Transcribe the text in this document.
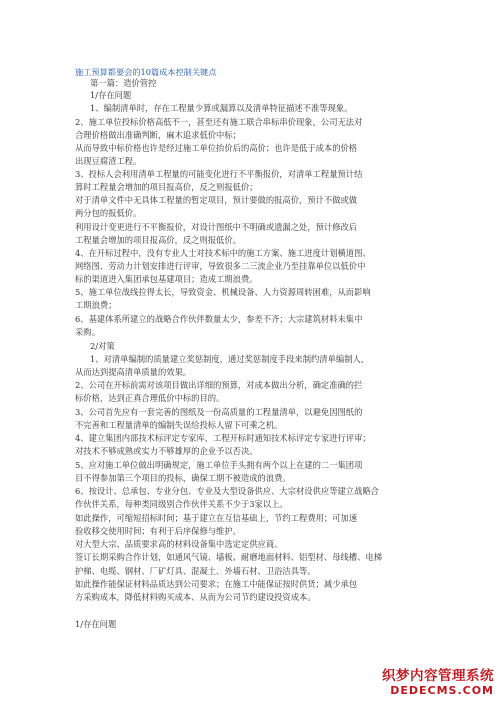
施工预算都要会的10篇成本控制关键点
第一篇：造价管控
1/存在问题
1、编制清单时，存在工程量少算或漏算以及清单特征描述不准等现象。
2、施工单位投标价格高低不一，甚至还有施工联合串标串价现象，公司无法对
合理价格做出准确判断，麻木追求低价中标；
从而导致中标价格也许是经过施工单位抬价后的高价；也许是低于成本的价格
出现豆腐渣工程。
3、投标人会利用清单工程量的可能变化进行不平衡报价，对清单工程量预计结
算时工程量会增加的项目报高价，反之则报低价；
对于清单文件中无具体工程量的暂定项目，预计要做的报高价，预计不做或做
两分包的报低价。
利用设计变更进行不平衡报价，对设计图纸中不明确或遗漏之处，预计修改后
工程量会增加的项目报高价，反之则报低价。
4、在开标过程中，没有专业人士对技术标中的施工方案、施工进度计划横道图、
网络图、劳动力计划安排进行评审，导致很多二三流企业乃至挂靠单位以低价中
标的渠道进入集团承包基建项目；造成工期浪费。
5、施工单位战线拉得太长，导致资金、机械设备、人力资源周转困难，从而影响
工期浪费；
6、基建体系所建立的战略合作伙伴数量太少，参差不齐；大宗建筑材料未集中
采购。
2/对策
1、对清单编制的质量建立奖惩制度，通过奖惩制度手段来制约清单编制人，
从而达到提高清单质量的效果。
2、公司在开标前需对该项目做出详细的预算，对成本做出分析，确定准确的拦
标价格，达到正真合理低价中标的目的。
3、公司首先应有一套完善的图纸及一份高质量的工程量清单，以避免因图纸的
不完善和工程量清单的编制失误给投标人留下可乘之机。
4、建立集团内部技术标评定专家库，工程开标时通知技术标评定专家进行评审；
对技术不够成熟或实力不够雄厚的企业予以否决。
5、应对施工单位做出明确规定，施工单位手头拥有两个以上在建的二一集团项
目不得参加第三个项目的投标，确保工期不被造成的浪费。
6、按设计、总承包、专业分包、专业及大型设备供应、大宗材设供应等建立战略合
作伙伴关系，每种类同级别合作伙伴关系不少于3家以上。
如此操作，可缩短招标时间；基于建立在互信基础上，节约工程费用；可加速
验收移交使用时间；有利于后序保修与维护。
对大型大宗、品质要求高的材料设备集中选定定供应商。
签订长期采购合作计划，如通风气镜、墙板、耐磨地面材料、铝型材、母线槽、电梯
护梯、电缆、钢材、厂矿灯具、混凝土、外墙石材、卫浴洁具等。
如此操作能保证材料品质达到公司要求；在施工中能保证按时供货；减少承包
方采购成本，降低材料购买成本、从而为公司节约建设投资成本。
1/存在问题
织梦内容管理系统
DEDECMS.COM
